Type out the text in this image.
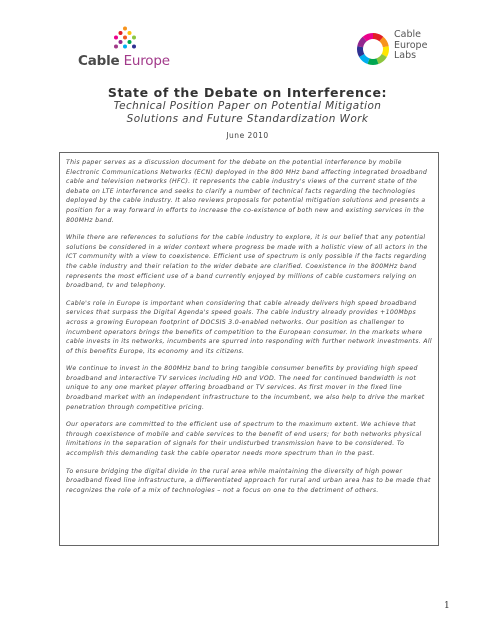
Cable Europe
Cable
Europe
Labs
State of the Debate on Interference:
Technical Position Paper on Potential Mitigation
Solutions and Future Standardization Work
June 2010

This paper serves as a discussion document for the debate on the potential interference by mobile Electronic Communications Networks (ECN) deployed in the 800 MHz band affecting integrated broadband cable and television networks (HFC). It represents the cable industry's views of the current state of the debate on LTE interference and seeks to clarify a number of technical facts regarding the technologies deployed by the cable industry. It also reviews proposals for potential mitigation solutions and presents a position for a way forward in efforts to increase the co-existence of both new and existing services in the 800MHz band.

While there are references to solutions for the cable industry to explore, it is our belief that any potential solutions be considered in a wider context where progress be made with a holistic view of all actors in the ICT community with a view to coexistence. Efficient use of spectrum is only possible if the facts regarding the cable industry and their relation to the wider debate are clarified. Coexistence in the 800MHz band represents the most efficient use of a band currently enjoyed by millions of cable customers relying on broadband, tv and telephony.

Cable's role in Europe is important when considering that cable already delivers high speed broadband services that surpass the Digital Agenda's speed goals. The cable industry already provides +100Mbps across a growing European footprint of DOCSIS 3.0-enabled networks. Our position as challenger to incumbent operators brings the benefits of competition to the European consumer. In the markets where cable invests in its networks, incumbents are spurred into responding with further network investments. All of this benefits Europe, its economy and its citizens.

We continue to invest in the 800MHz band to bring tangible consumer benefits by providing high speed broadband and interactive TV services including HD and VOD. The need for continued bandwidth is not unique to any one market player offering broadband or TV services. As first mover in the fixed line broadband market with an independent infrastructure to the incumbent, we also help to drive the market penetration through competitive pricing.

Our operators are committed to the efficient use of spectrum to the maximum extent. We achieve that through coexistence of mobile and cable services to the benefit of end users; for both networks physical limitations in the separation of signals for their undisturbed transmission have to be considered. To accomplish this demanding task the cable operator needs more spectrum than in the past.

To ensure bridging the digital divide in the rural area while maintaining the diversity of high power broadband fixed line infrastructure, a differentiated approach for rural and urban area has to be made that recognizes the role of a mix of technologies – not a focus on one to the detriment of others.

1
